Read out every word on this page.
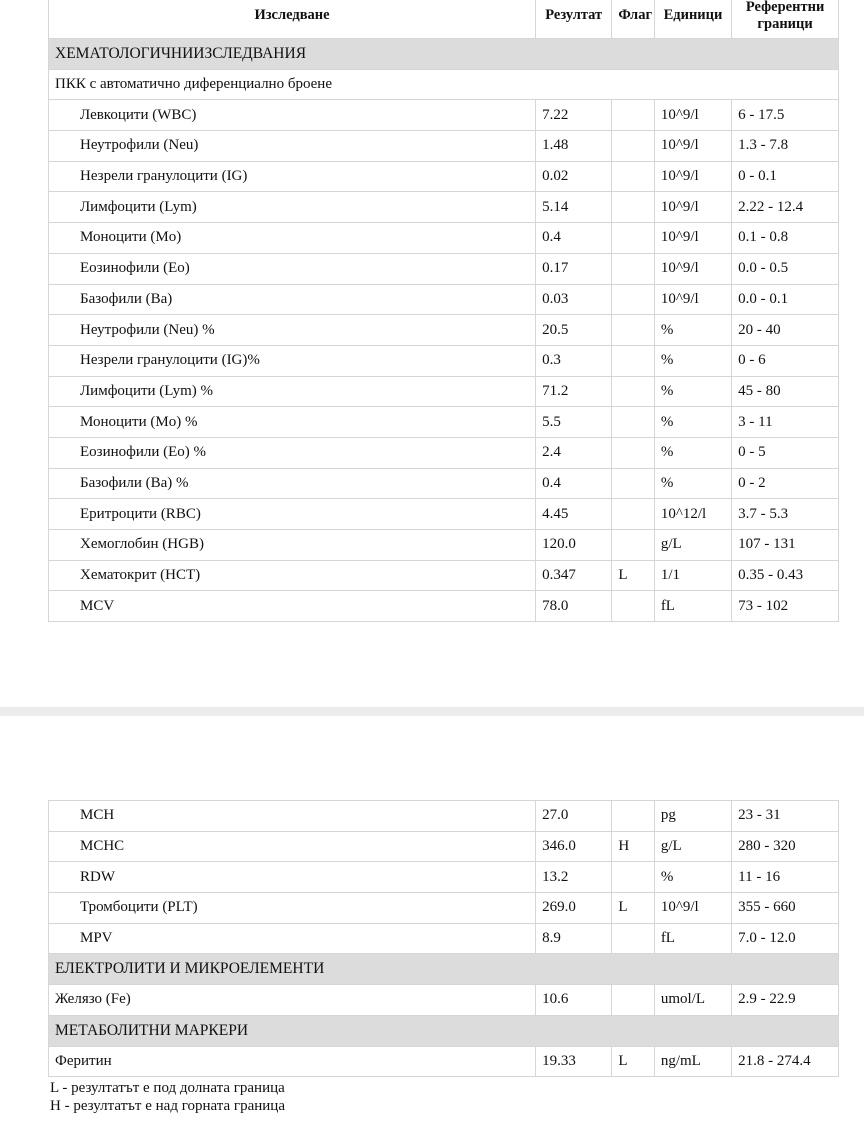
Изследване	Резултат	Флаг	Единици	Референтни граници
ХЕМАТОЛОГИЧНИИЗСЛЕДВАНИЯ				
ПКК с автоматично диференциално броене				
Левкоцити (WBC)	7.22		10^9/l	6 - 17.5
Неутрофили (Neu)	1.48		10^9/l	1.3 - 7.8
Незрели гранулоцити (IG)	0.02		10^9/l	0 - 0.1
Лимфоцити (Lym)	5.14		10^9/l	2.22 - 12.4
Моноцити (Mo)	0.4		10^9/l	0.1 - 0.8
Еозинофили (Eo)	0.17		10^9/l	0.0 - 0.5
Базофили (Ba)	0.03		10^9/l	0.0 - 0.1
Неутрофили (Neu) %	20.5		%	20 - 40
Незрели гранулоцити (IG)%	0.3		%	0 - 6
Лимфоцити (Lym) %	71.2		%	45 - 80
Моноцити (Mo) %	5.5		%	3 - 11
Еозинофили (Eo) %	2.4		%	0 - 5
Базофили (Ba) %	0.4		%	0 - 2
Еритроцити (RBC)	4.45		10^12/l	3.7 - 5.3
Хемоглобин (HGB)	120.0		g/L	107 - 131
Хематокрит (HCT)	0.347	L	1/1	0.35 - 0.43
MCV	78.0		fL	73 - 102
MCH	27.0		pg	23 - 31
MCHC	346.0	H	g/L	280 - 320
RDW	13.2		%	11 - 16
Тромбоцити (PLT)	269.0	L	10^9/l	355 - 660
MPV	8.9		fL	7.0 - 12.0
ЕЛЕКТРОЛИТИ И МИКРОЕЛЕМЕНТИ				
Желязо (Fe)	10.6		umol/L	2.9 - 22.9
МЕТАБОЛИТНИ МАРКЕРИ				
Феритин	19.33	L	ng/mL	21.8 - 274.4
L - резултатът е под долната граница
H - резултатът е над горната граница
